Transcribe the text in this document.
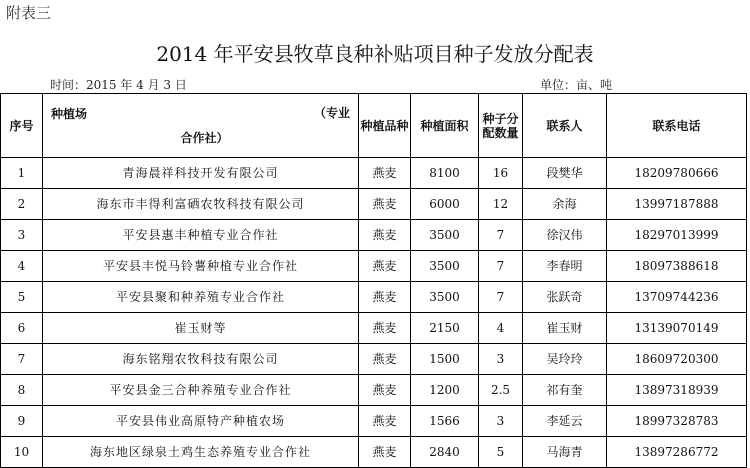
附表三
2014 年平安县牧草良种补贴项目种子发放分配表
时间：2015 年 4 月 3 日	单位：亩、吨
序号	种植场 （专业
合作社）	种植品种	种植面积	种子分配数量	联系人	联系电话
1	青海晨祥科技开发有限公司	燕麦	8100	16	段樊华	18209780666
2	海东市丰得利富硒农牧科技有限公司	燕麦	6000	12	余海	13997187888
3	平安县惠丰种植专业合作社	燕麦	3500	7	徐汉伟	18297013999
4	平安县丰悦马铃薯种植专业合作社	燕麦	3500	7	李春明	18097388618
5	平安县聚和种养殖专业合作社	燕麦	3500	7	张跃奇	13709744236
6	崔玉财等	燕麦	2150	4	崔玉财	13139070149
7	海东铭翔农牧科技有限公司	燕麦	1500	3	吴玲玲	18609720300
8	平安县金三合种养殖专业合作社	燕麦	1200	2.5	祁有奎	13897318939
9	平安县伟业高原特产种植农场	燕麦	1566	3	李延云	18997328783
10	海东地区绿泉土鸡生态养殖专业合作社	燕麦	2840	5	马海青	13897286772
